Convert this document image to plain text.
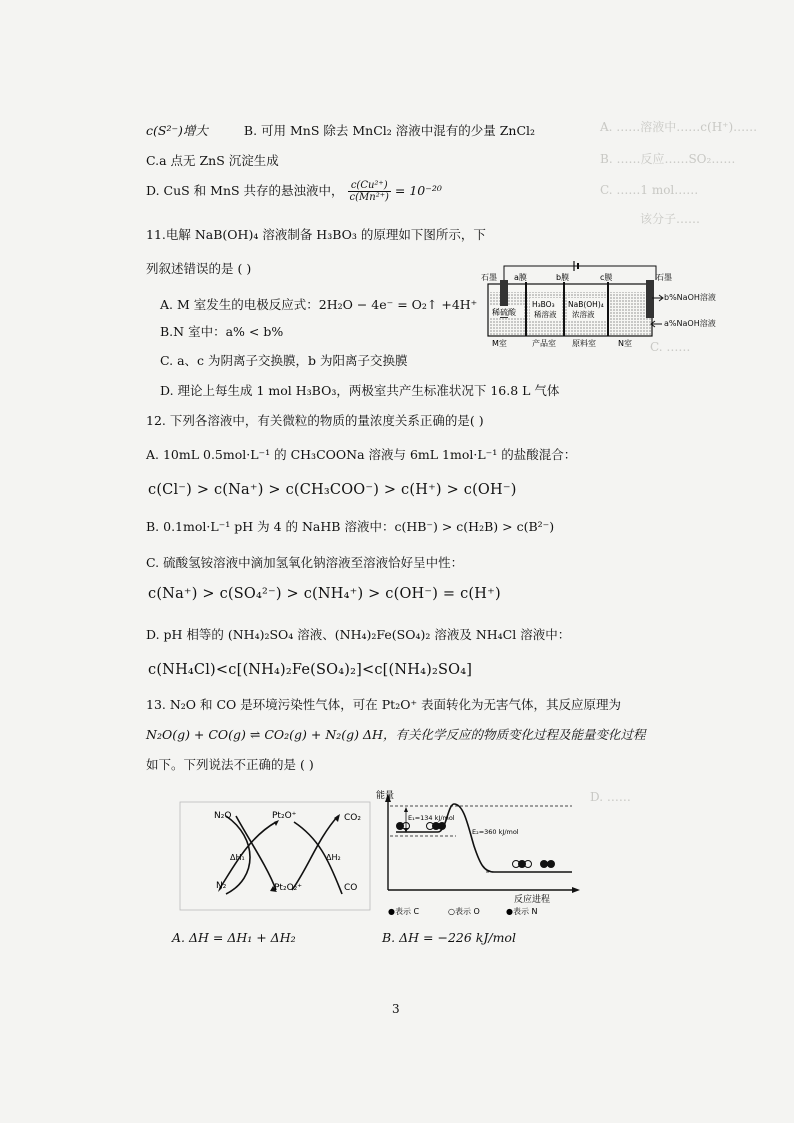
A. ……溶液中……c(H⁺)……
B. ……反应……SO₂……
C. ……1 mol……
该分子……
C. ……
D. ……
c(S²⁻)增大	B. 可用 MnS 除去 MnCl₂ 溶液中混有的少量 ZnCl₂
C.a 点无 ZnS 沉淀生成
D. CuS 和 MnS 共存的悬浊液中， $\frac{\text{c(Cu²⁺)}}{\text{c(Mn²⁺)}} = 10^{-20}$
11.电解 NaB(OH)₄ 溶液制备 H₃BO₃ 的原理如下图所示，下
列叙述错误的是 ( )
A. M 室发生的电极反应式：2H₂O − 4e⁻ = O₂↑ +4H⁺
B.N 室中：a% < b%
C. a、c 为阴离子交换膜，b 为阳离子交换膜
D. 理论上每生成 1 mol H₃BO₃，两极室共产生标准状况下 16.8 L 气体
石墨	石墨
a膜	b膜	c膜
稀硫酸
H₃BO₃
稀溶液
NaB(OH)₄
浓溶液
M室	产品室 原料室	N室
b%NaOH溶液
a%NaOH溶液
12. 下列各溶液中，有关微粒的物质的量浓度关系正确的是( )
A. 10mL 0.5mol·L⁻¹ 的 CH₃COONa 溶液与 6mL 1mol·L⁻¹ 的盐酸混合：
c(Cl⁻) > c(Na⁺) > c(CH₃COO⁻) > c(H⁺) > c(OH⁻)
B. 0.1mol·L⁻¹ pH 为 4 的 NaHB 溶液中：c(HB⁻) > c(H₂B) > c(B²⁻)
C. 硫酸氢铵溶液中滴加氢氧化钠溶液至溶液恰好呈中性：
c(Na⁺) > c(SO₄²⁻) > c(NH₄⁺) > c(OH⁻) = c(H⁺)
D. pH 相等的 (NH₄)₂SO₄ 溶液、(NH₄)₂Fe(SO₄)₂ 溶液及 NH₄Cl 溶液中：
c(NH₄Cl)<c[(NH₄)₂Fe(SO₄)₂]<c[(NH₄)₂SO₄]
13. N₂O 和 CO 是环境污染性气体，可在 Pt₂O⁺ 表面转化为无害气体，其反应原理为
N₂O(g) + CO(g) ⇌ CO₂(g) + N₂(g) ΔH，有关化学反应的物质变化过程及能量变化过程
如下。下列说法不正确的是 ( )
N₂O	Pt₂O⁺	CO₂
ΔH₁	ΔH₂
N₂	Pt₂O₂⁺	CO
能量
E₁=134 kJ/mol
E₂=360 kJ/mol
反应进程
●表示 C	○表示 O	●表示 N
A. ΔH = ΔH₁ + ΔH₂	B. ΔH = −226 kJ/mol
3
